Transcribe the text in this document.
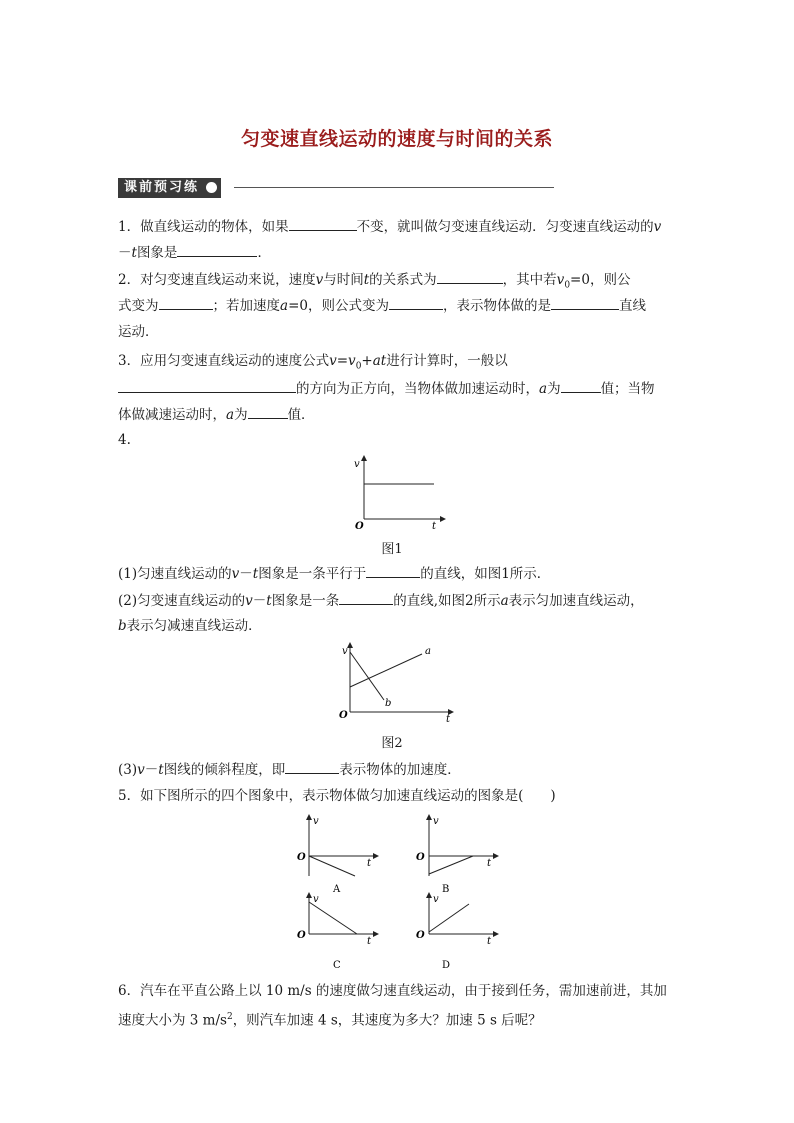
匀变速直线运动的速度与时间的关系
课前预习练
1．做直线运动的物体，如果	不变，就叫做匀变速直线运动．匀变速直线运动的v
－t图象是	．
2．对匀变速直线运动来说，速度v与时间t的关系式为	，其中若$v_0=0$，则公
式变为	；若加速度a=0，则公式变为	，表示物体做的是	直线
运动．
3．应用匀变速直线运动的速度公式$v=v_0+at$进行计算时，一般以
的方向为正方向，当物体做加速运动时，a为	值；当物
体做减速运动时，a为	值．
4.
v
O	t
图1
(1)匀速直线运动的v－t图象是一条平行于	的直线，如图1所示．
(2)匀变速直线运动的v－t图象是一条	的直线,如图2所示a表示匀加速直线运动，
b表示匀减速直线运动．
v
O	t
a
b
图2
(3)v－t图线的倾斜程度，即	表示物体的加速度．
5．如下图所示的四个图象中，表示物体做匀加速直线运动的图象是(　　)
v
O
t
A
v
O
t
B
v
O
t
C
v
O
t
D
6．汽车在平直公路上以 10 m/s 的速度做匀速直线运动，由于接到任务，需加速前进，其加
速度大小为 3 $m/s^2$，则汽车加速 4 s，其速度为多大？加速 5 s 后呢？
